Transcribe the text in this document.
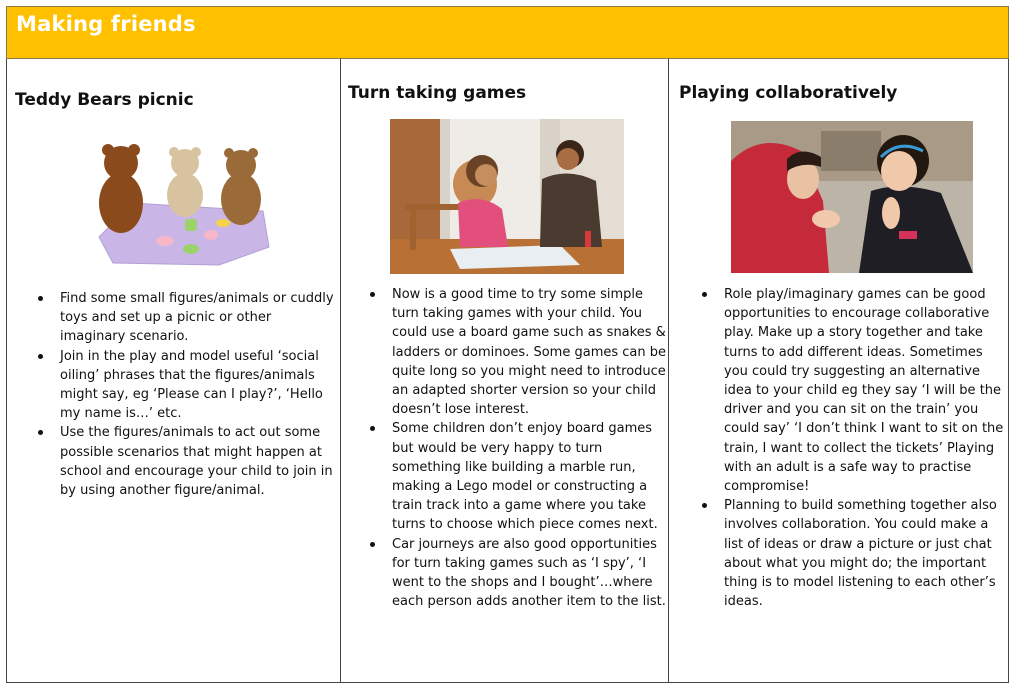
Making friends
Teddy Bears picnic
Find some small figures/animals or cuddly toys and set up a picnic or other imaginary scenario.
Join in the play and model useful ‘social oiling’ phrases that the figures/animals might say, eg ‘Please can I play?’, ‘Hello my name is…’ etc.
Use the figures/animals to act out some possible scenarios that might happen at school and encourage your child to join in by using another figure/animal.
Turn taking games
Now is a good time to try some simple turn taking games with your child. You could use a board game such as snakes & ladders or dominoes. Some games can be quite long so you might need to introduce an adapted shorter version so your child doesn’t lose interest.
Some children don’t enjoy board games but would be very happy to turn something like building a marble run, making a Lego model or constructing a train track into a game where you take turns to choose which piece comes next.
Car journeys are also good opportunities for turn taking games such as ‘I spy’, ‘I went to the shops and I bought’…where each person adds another item to the list.
Playing collaboratively
Role play/imaginary games can be good opportunities to encourage collaborative play. Make up a story together and take turns to add different ideas. Sometimes you could try suggesting an alternative idea to your child eg they say ‘I will be the driver and you can sit on the train’ you could say’ ‘I don’t think I want to sit on the train, I want to collect the tickets’ Playing with an adult is a safe way to practise compromise!
Planning to build something together also involves collaboration. You could make a list of ideas or draw a picture or just chat about what you might do; the important thing is to model listening to each other’s ideas.
